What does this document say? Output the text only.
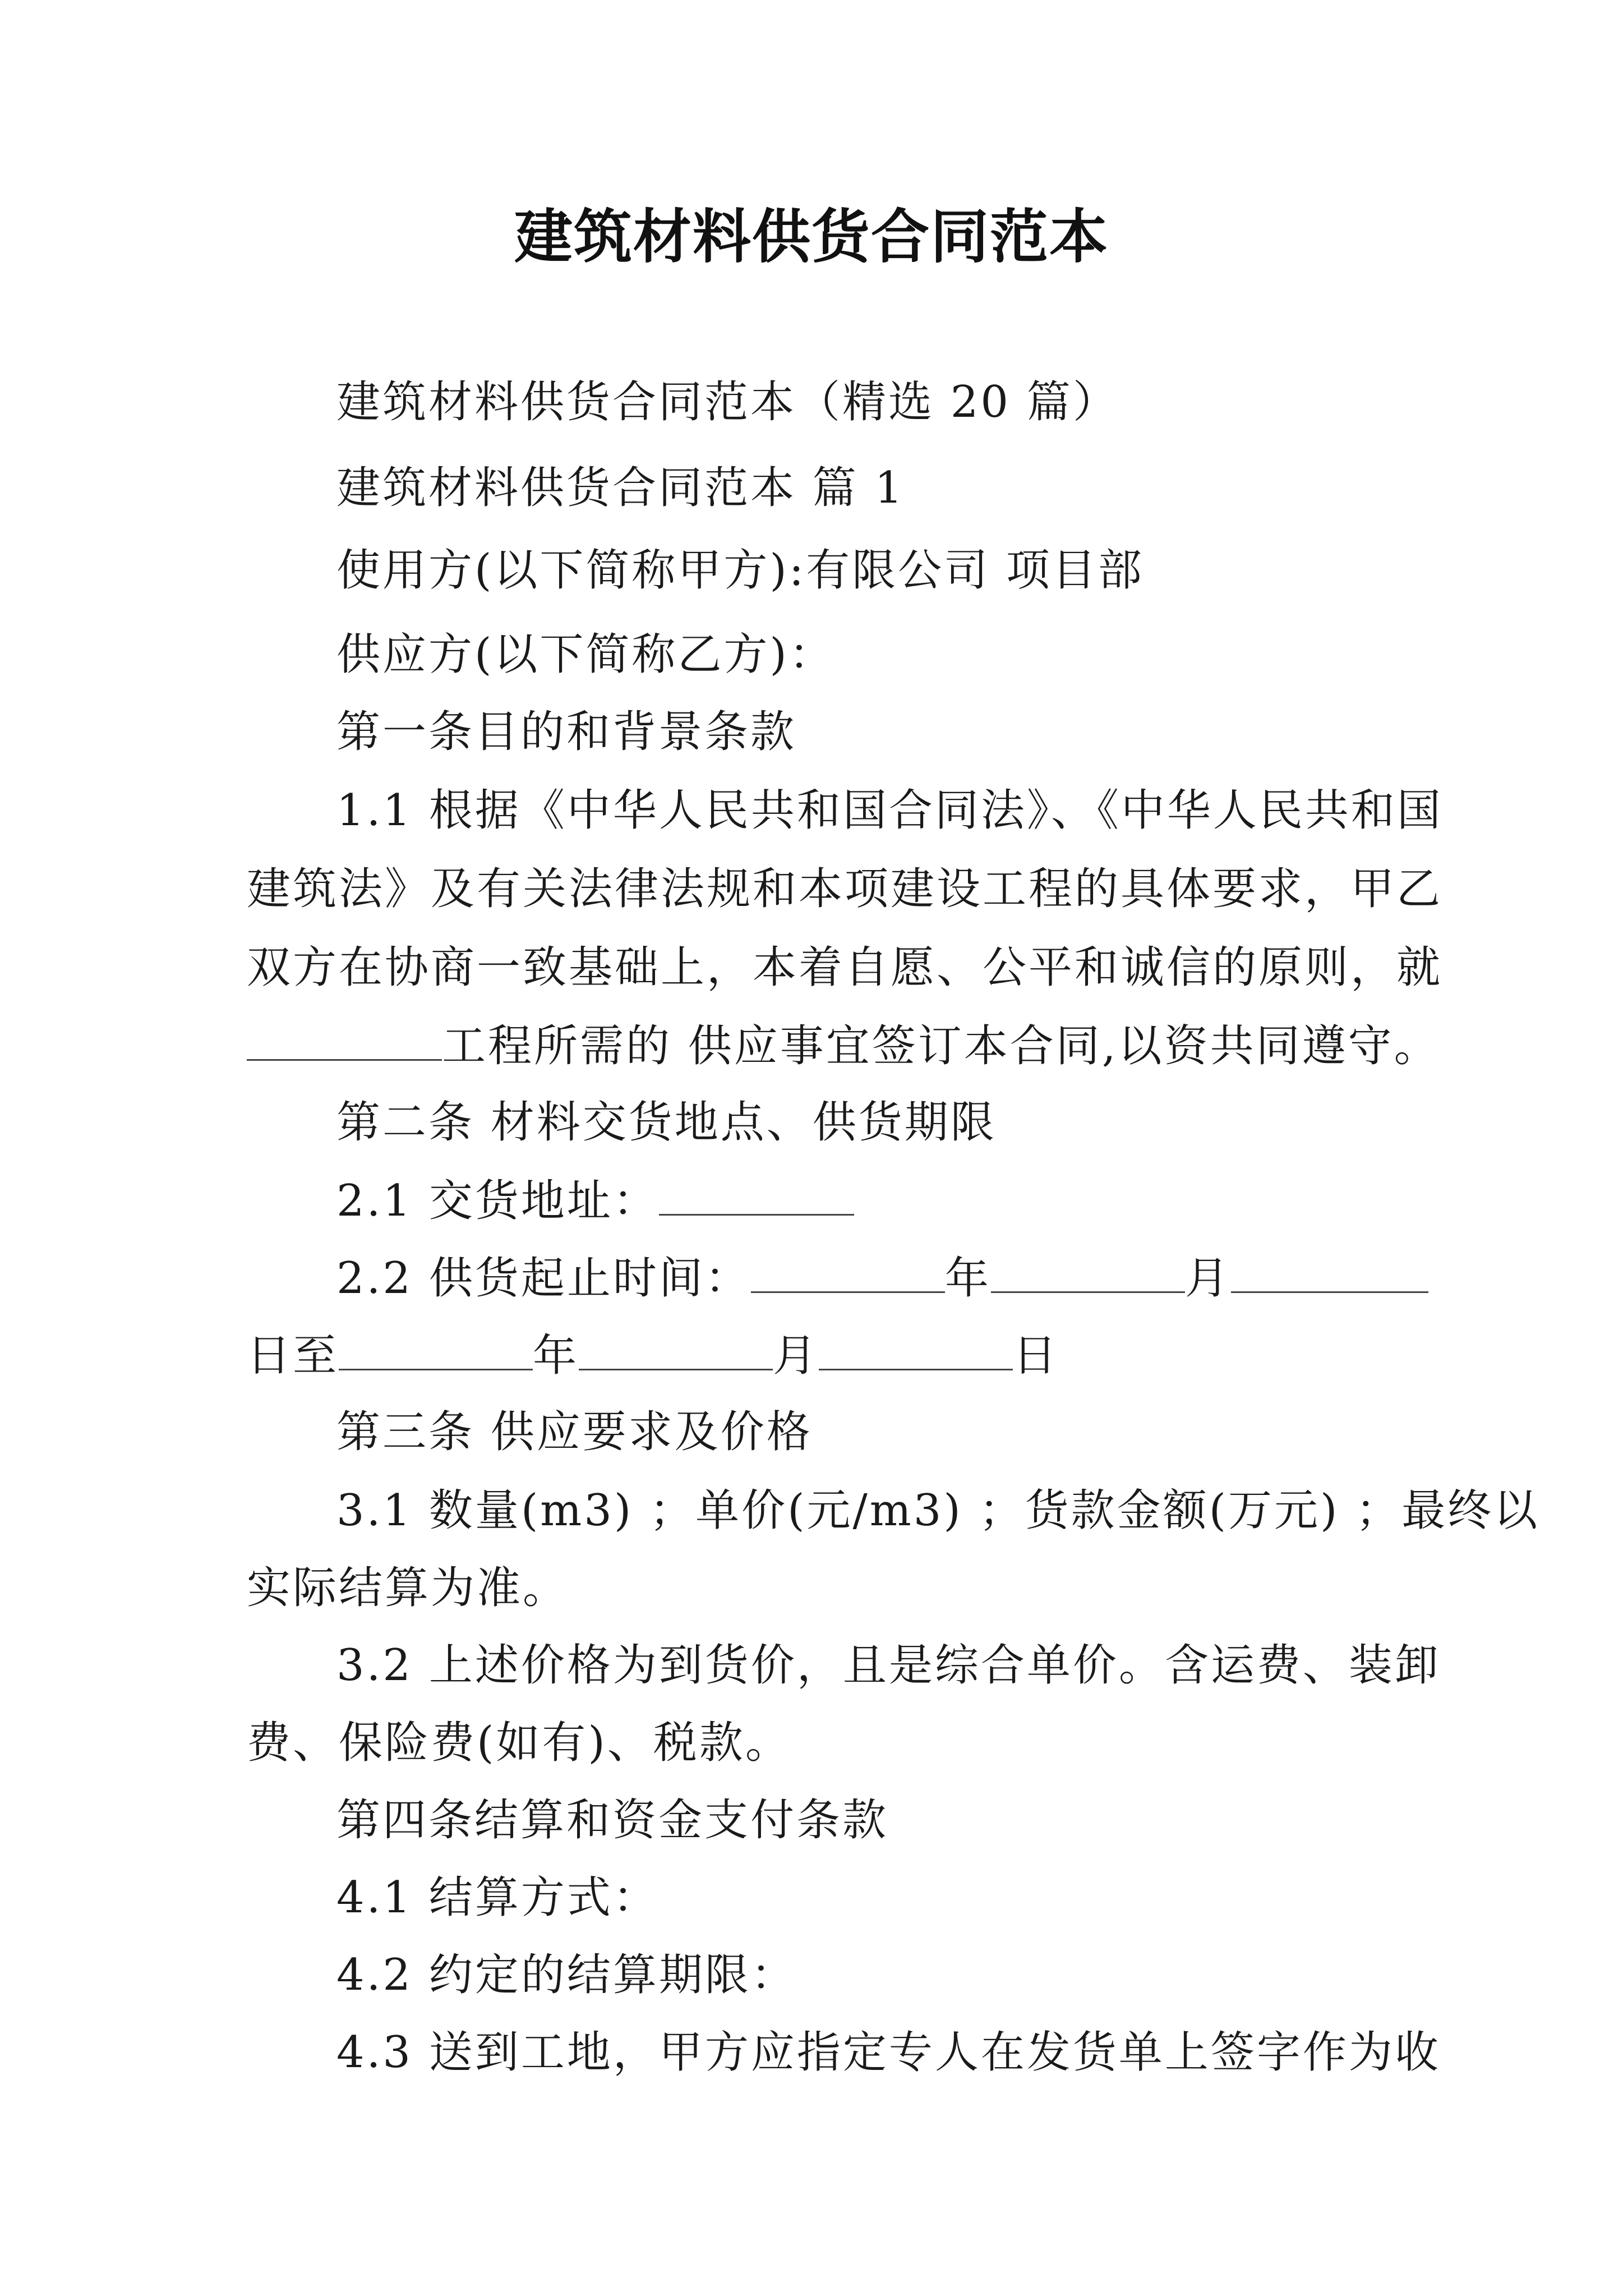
建筑材料供货合同范本
建筑材料供货合同范本（精选 20 篇）
建筑材料供货合同范本 篇 1
使用方(以下简称甲方):有限公司 项目部
供应方(以下简称乙方)：
第一条目的和背景条款
1.1 根据《中华人民共和国合同法》、《中华人民共和国
建筑法》及有关法律法规和本项建设工程的具体要求，甲乙
双方在协商一致基础上，本着自愿、公平和诚信的原则，就
工程所需的 供应事宜签订本合同,以资共同遵守。
第二条 材料交货地点、供货期限
2.1 交货地址：
2.2 供货起止时间：	年	月
日至	年	月	日
第三条 供应要求及价格
3.1 数量(m3) ；单价(元/m3) ；货款金额(万元) ；最终以
实际结算为准。
3.2 上述价格为到货价，且是综合单价。含运费、装卸
费、保险费(如有)、税款。
第四条结算和资金支付条款
4.1 结算方式：
4.2 约定的结算期限：
4.3 送到工地，甲方应指定专人在发货单上签字作为收
